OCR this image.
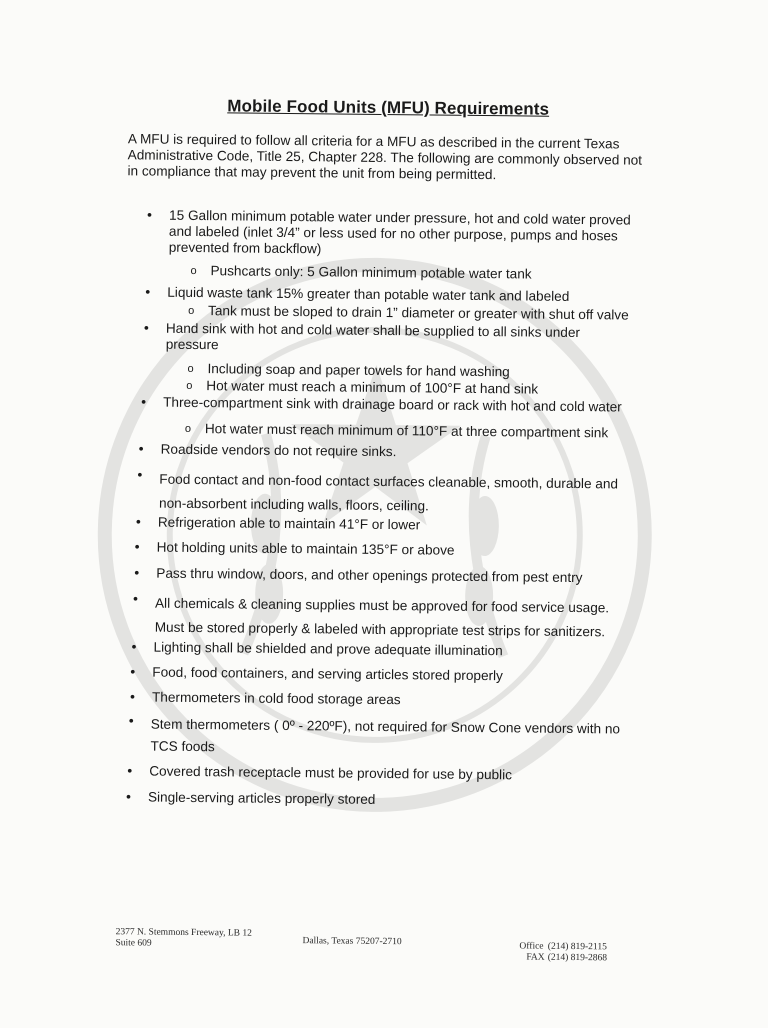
Mobile Food Units (MFU) Requirements
A MFU is required to follow all criteria for a MFU as described in the current Texas Administrative Code, Title 25, Chapter 228. The following are commonly observed not in compliance that may prevent the unit from being permitted.
• 15 Gallon minimum potable water under pressure, hot and cold water proved and labeled (inlet 3/4” or less used for no other purpose, pumps and hoses prevented from backflow)
o Pushcarts only: 5 Gallon minimum potable water tank
• Liquid waste tank 15% greater than potable water tank and labeled
o Tank must be sloped to drain 1” diameter or greater with shut off valve
• Hand sink with hot and cold water shall be supplied to all sinks under pressure
o Including soap and paper towels for hand washing
o Hot water must reach a minimum of 100°F at hand sink
• Three-compartment sink with drainage board or rack with hot and cold water
o Hot water must reach minimum of 110°F at three compartment sink
• Roadside vendors do not require sinks.
• Food contact and non-food contact surfaces cleanable, smooth, durable and non-absorbent including walls, floors, ceiling.
• Refrigeration able to maintain 41°F or lower
• Hot holding units able to maintain 135°F or above
• Pass thru window, doors, and other openings protected from pest entry
• All chemicals & cleaning supplies must be approved for food service usage. Must be stored properly & labeled with appropriate test strips for sanitizers.
• Lighting shall be shielded and prove adequate illumination
• Food, food containers, and serving articles stored properly
• Thermometers in cold food storage areas
• Stem thermometers ( 0º - 220ºF), not required for Snow Cone vendors with no TCS foods
• Covered trash receptacle must be provided for use by public
• Single-serving articles properly stored
2377 N. Stemmons Freeway, LB 12
Suite 609	Dallas, Texas 75207-2710	Office (214) 819-2115
FAX (214) 819-2868
